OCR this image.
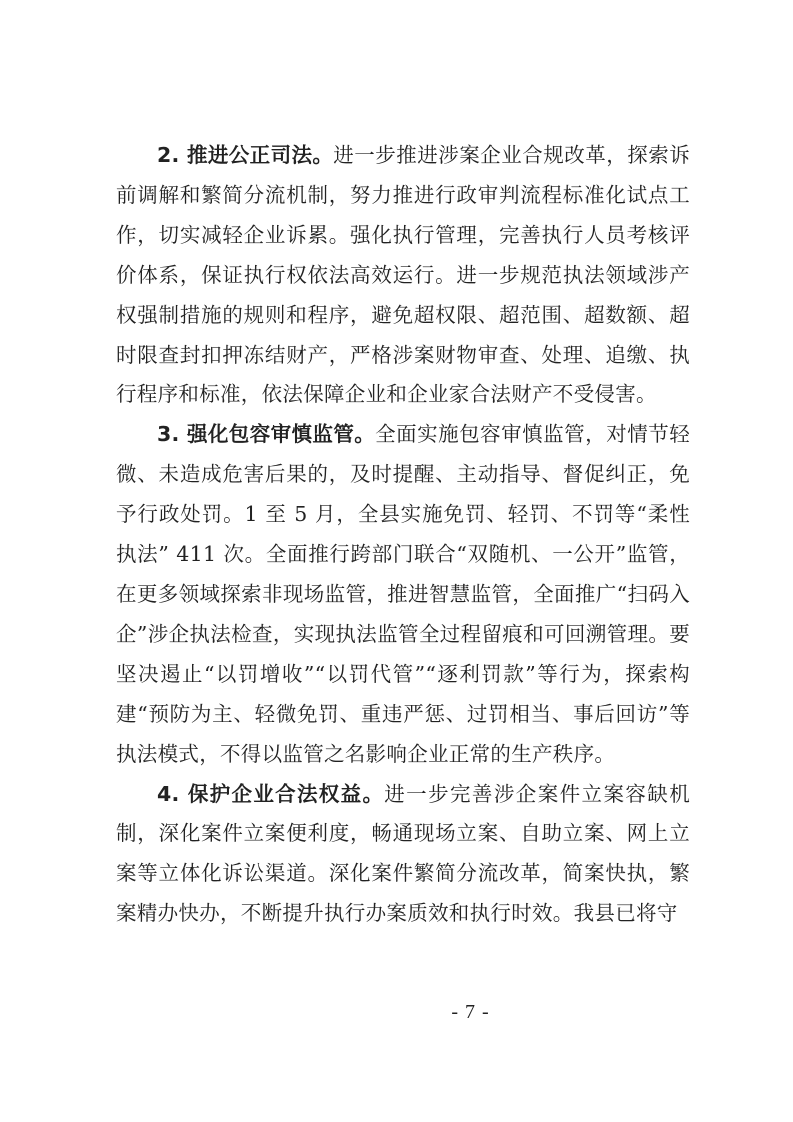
2. 推进公正司法。进一步推进涉案企业合规改革，探索诉前调解和繁简分流机制，努力推进行政审判流程标准化试点工作，切实减轻企业诉累。强化执行管理，完善执行人员考核评价体系，保证执行权依法高效运行。进一步规范执法领域涉产权强制措施的规则和程序，避免超权限、超范围、超数额、超时限查封扣押冻结财产，严格涉案财物审查、处理、追缴、执行程序和标准，依法保障企业和企业家合法财产不受侵害。

3. 强化包容审慎监管。全面实施包容审慎监管，对情节轻微、未造成危害后果的，及时提醒、主动指导、督促纠正，免予行政处罚。1 至 5 月，全县实施免罚、轻罚、不罚等“柔性执法” 411 次。全面推行跨部门联合“双随机、一公开”监管，在更多领域探索非现场监管，推进智慧监管，全面推广“扫码入企”涉企执法检查，实现执法监管全过程留痕和可回溯管理。要坚决遏止“以罚增收”“以罚代管”“逐利罚款”等行为，探索构建“预防为主、轻微免罚、重违严惩、过罚相当、事后回访”等执法模式，不得以监管之名影响企业正常的生产秩序。

4. 保护企业合法权益。进一步完善涉企案件立案容缺机制，深化案件立案便利度，畅通现场立案、自助立案、网上立案等立体化诉讼渠道。深化案件繁简分流改革，简案快执，繁案精办快办，不断提升执行办案质效和执行时效。我县已将守

- 7 -
